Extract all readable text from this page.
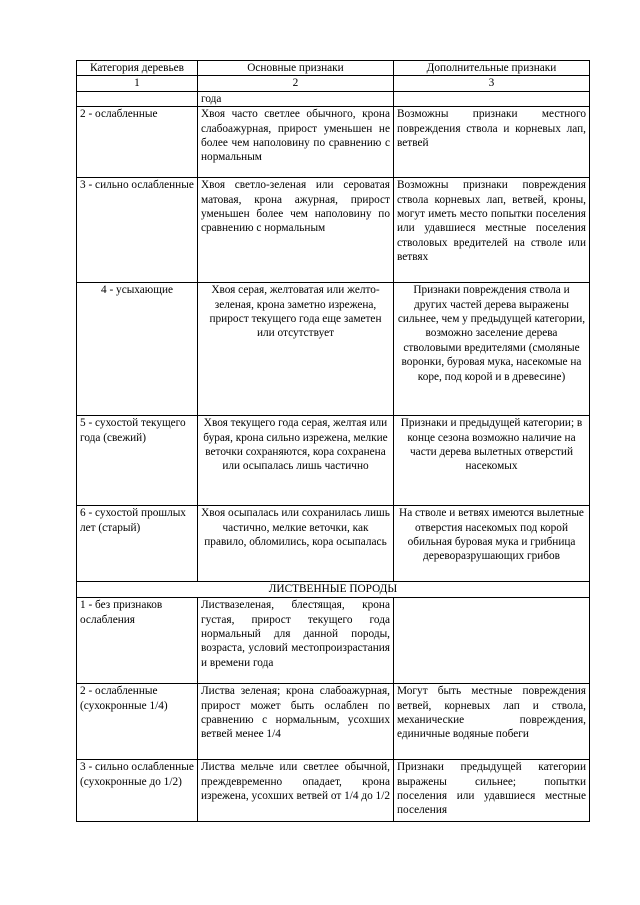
Категория деревьев	Основные признаки	Дополнительные признаки
1	2	3
	года	
2 - ослабленные	Хвоя часто светлее обычного, крона слабоажурная, прирост уменьшен не более чем наполовину по сравнению с нормальным	Возможны признаки местного повреждения ствола и корневых лап, ветвей
3 - сильно ослабленные	Хвоя светло-зеленая или сероватая матовая, крона ажурная, прирост уменьшен более чем наполовину по сравнению с нормальным	Возможны признаки повреждения ствола корневых лап, ветвей, кроны, могут иметь место попытки поселения или удавшиеся местные поселения стволовых вредителей на стволе или ветвях
4 - усыхающие	Хвоя серая, желтоватая или желто-зеленая, крона заметно изрежена, прирост текущего года еще заметен или отсутствует	Признаки повреждения ствола и других частей дерева выражены сильнее, чем у предыдущей категории, возможно заселение дерева стволовыми вредителями (смоляные воронки, буровая мука, насекомые на коре, под корой и в древесине)
5 - сухостой текущего года (свежий)	Хвоя текущего года серая, желтая или бурая, крона сильно изрежена, мелкие веточки сохраняются, кора сохранена или осыпалась лишь частично	Признаки и предыдущей категории; в конце сезона возможно наличие на части дерева вылетных отверстий насекомых
6 - сухостой прошлых лет (старый)	Хвоя осыпалась или сохранилась лишь частично, мелкие веточки, как правило, обломились, кора осыпалась	На стволе и ветвях имеются вылетные отверстия насекомых под корой обильная буровая мука и грибница дереворазрушающих грибов
ЛИСТВЕННЫЕ ПОРОДЫ		
1 - без признаков ослабления	Листвазеленая, блестящая, крона густая, прирост текущего года нормальный для данной породы, возраста, условий местопроизрастания и времени года	
2 - ослабленные (сухокронные 1/4)	Листва зеленая; крона слабоажурная, прирост может быть ослаблен по сравнению с нормальным, усохших ветвей менее 1/4	Могут быть местные повреждения ветвей, корневых лап и ствола, механические повреждения, единичные водяные побеги
3 - сильно ослабленные (сухокронные до 1/2)	Листва мельче или светлее обычной, преждевременно опадает, крона изрежена, усохших ветвей от 1/4 до 1/2	Признаки предыдущей категории выражены сильнее; попытки поселения или удавшиеся местные поселения
